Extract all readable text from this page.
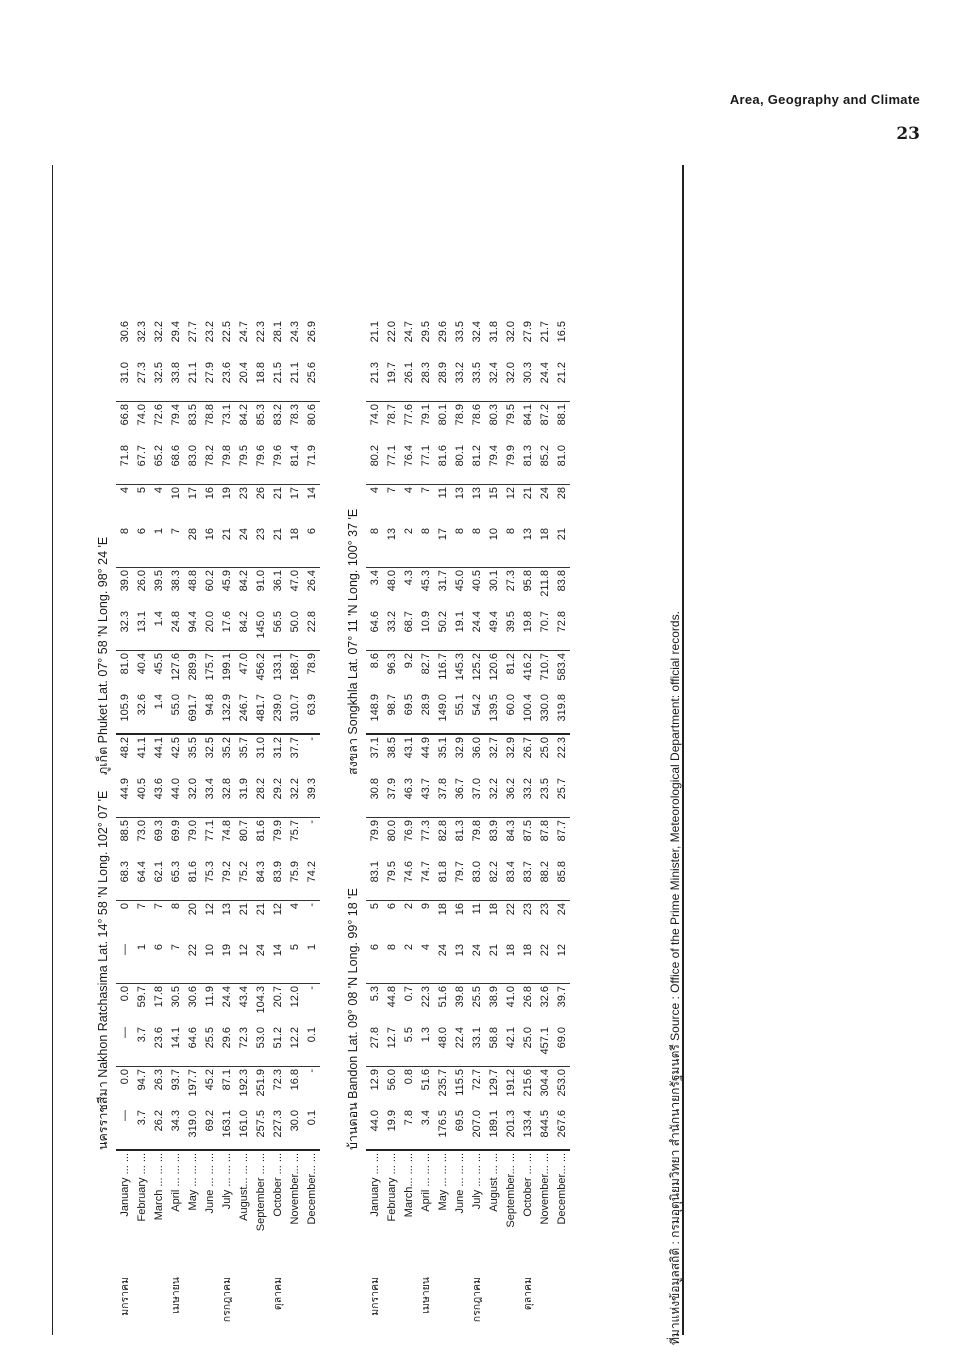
Area, Geography and Climate
23
นครราชสีมา Nakhon Ratchasima Lat. 14° 58 'N Long. 102° 07 'E
ภูเก็ต Phuket Lat. 07° 58 'N Long. 98° 24 'E
มกราคม	January ... ...	—	0.0	—	0.0	—	0	68.3	88.5	44.9	48.2	105.9	81.0	32.3	39.0	8	4	71.8	66.8	31.0	30.6
	February ... ...	3.7	94.7	3.7	59.7	1	7	64.4	73.0	40.5	41.1	32.6	40.4	13.1	26.0	6	5	67.7	74.0	27.3	32.3
	March ... ... ...	26.2	26.3	23.6	17.8	6	7	62.1	69.3	43.6	44.1	1.4	45.5	1.4	39.5	1	4	65.2	72.6	32.5	32.2
เมษายน	April ... ... ...	34.3	93.7	14.1	30.5	7	8	65.3	69.9	44.0	42.5	55.0	127.6	24.8	38.3	7	10	68.6	79.4	33.8	29.4
	May ... ... ...	319.0	197.7	64.6	30.6	22	20	81.6	79.0	32.0	35.5	691.7	289.9	94.4	48.8	28	17	83.0	83.5	21.1	27.7
	June ... ... ...	69.2	45.2	25.5	11.9	10	12	75.3	77.1	33.4	32.5	94.8	175.7	20.0	60.2	16	16	78.2	78.8	27.9	23.2
กรกฎาคม	July ... ... ...	163.1	87.1	29.6	24.4	19	13	79.2	74.8	32.8	35.2	132.9	199.1	17.6	45.9	21	19	79.8	73.1	23.6	22.5
	August... ... ...	161.0	192.3	72.3	43.4	12	21	75.2	80.7	31.9	35.7	246.7	47.0	84.2	84.2	24	23	79.5	84.2	20.4	24.7
	September ... ...	257.5	251.9	53.0	104.3	24	21	84.3	81.6	28.2	31.0	481.7	456.2	145.0	91.0	23	26	79.6	85.3	18.8	22.3
ตุลาคม	October ... ...	227.3	72.3	51.2	20.7	14	12	83.9	79.9	29.2	31.2	239.0	133.1	56.5	36.1	21	21	79.6	83.2	21.5	28.1
	November... ...	30.0	16.8	12.2	12.0	5	4	75.9	75.7	32.2	37.7	310.7	168.7	50.0	47.0	18	17	81.4	78.3	21.1	24.3
	December... ...	0.1	-	0.1	-	1	-	74.2	-	39.3	-	63.9	78.9	22.8	26.4	6	14	71.9	80.6	25.6	26.9
บ้านดอน Bandon Lat. 09° 08 'N Long. 99° 18 'E
สงขลา Songkhla Lat. 07° 11 'N Long. 100° 37 'E
มกราคม	January ... ...	44.0	12.9	27.8	5.3	6	5	83.1	79.9	30.8	37.1	148.9	8.6	64.6	3.4	8	4	80.2	74.0	21.3	21.1
	February ... ...	19.9	56.0	12.7	44.8	8	6	79.5	80.0	37.9	38.5	98.7	96.3	33.2	48.0	13	7	77.1	78.7	19.7	22.0
	March... ... ...	7.8	0.8	5.5	0.7	2	2	74.6	76.9	46.3	43.1	69.5	9.2	68.7	4.3	2	4	76.4	77.6	26.1	24.7
เมษายน	April ... ... ...	3.4	51.6	1.3	22.3	4	9	74.7	77.3	43.7	44.9	28.9	82.7	10.9	45.3	8	7	77.1	79.1	28.3	29.5
	May ... ... ...	176.5	235.7	48.0	51.6	24	18	81.8	82.8	37.8	35.1	149.0	116.7	50.2	31.7	17	11	81.6	80.1	28.9	29.6
	June ... ... ...	69.5	115.5	22.4	39.8	13	16	79.7	81.3	36.7	32.9	55.1	145.3	19.1	45.0	8	13	80.1	78.9	33.2	33.5
กรกฎาคม	July ... ... ...	207.0	72.7	33.1	25.5	24	11	83.0	79.8	37.0	36.0	54.2	125.2	24.4	40.5	8	13	81.2	78.6	33.5	32.4
	August ... ...	189.1	129.7	58.8	38.9	21	18	82.2	83.9	32.2	32.7	139.5	120.6	49.4	30.1	10	15	79.4	80.3	32.4	31.8
	September... ...	201.3	191.2	42.1	41.0	18	22	83.4	84.3	36.2	32.9	60.0	81.2	39.5	27.3	8	12	79.9	79.5	32.0	32.0
ตุลาคม	October ... ...	133.4	215.6	25.0	26.8	18	23	83.7	87.5	33.2	26.7	100.4	416.2	19.8	95.8	13	21	81.3	84.1	30.3	27.9
	November... ...	844.5	304.4	457.1	32.6	22	23	88.2	87.8	23.5	25.0	330.0	710.7	70.7	211.8	18	24	85.2	87.2	24.4	21.7
	December... ...	267.6	253.0	69.0	39.7	12	24	85.8	87.7	25.7	22.3	319.8	583.4	72.8	83.8	21	28	81.0	88.1	21.2	16.5
ที่มาแห่งข้อมูลสถิติ : กรมอุตุนิยมวิทยา สำนักนายกรัฐมนตรี Source : Office of the Prime Minister, Meteorological Department: official records.
